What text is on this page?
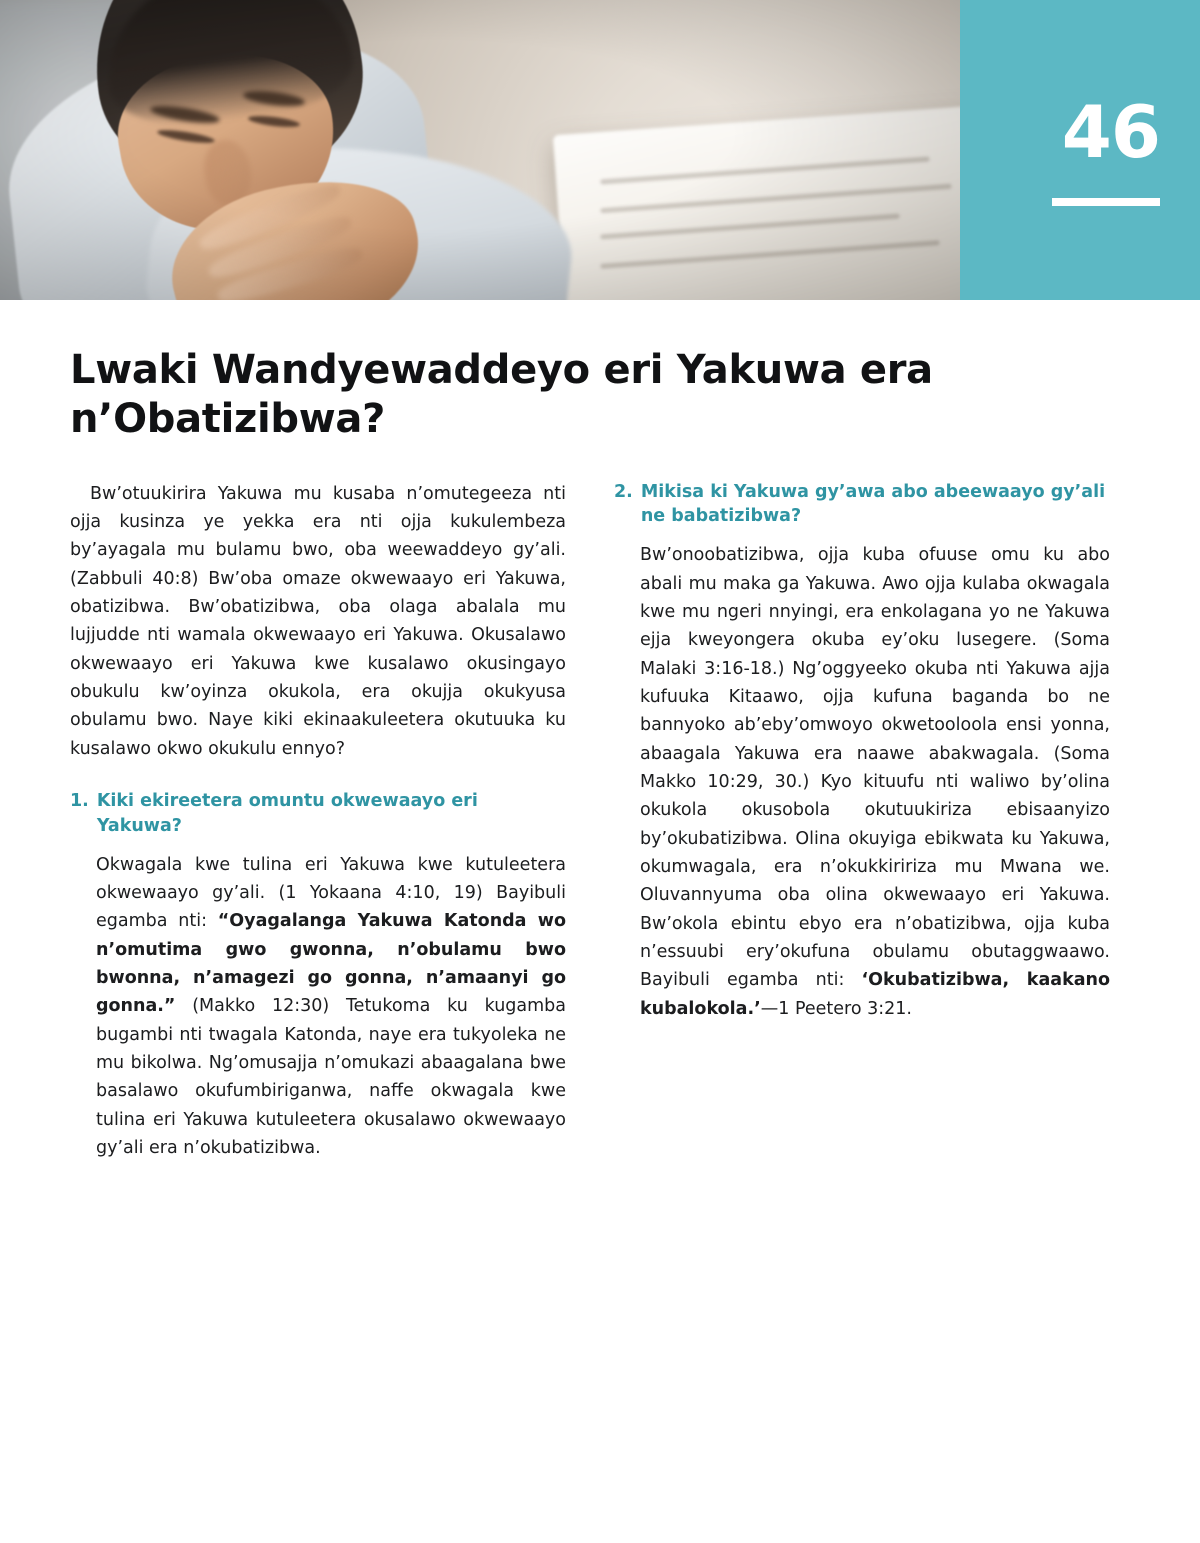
46
Lwaki Wandyewaddeyo eri Yakuwa era n’Obatizibwa?

Bw’otuukirira Yakuwa mu kusaba n’omutegeeza nti ojja kusinza ye yekka era nti ojja kukulembeza by’ayagala mu bulamu bwo, oba weewaddeyo gy’ali. (Zabbuli 40:8) Bw’oba omaze okwewaayo eri Yakuwa, obatizibwa. Bw’obatizibwa, oba olaga abalala mu lujjudde nti wamala okwewaayo eri Yakuwa. Okusalawo okwewaayo eri Yakuwa kwe kusalawo okusingayo obukulu kw’oyinza okukola, era okujja okukyusa obulamu bwo. Naye kiki ekinaakuleetera okutuuka ku kusalawo okwo okukulu ennyo?

1. Kiki ekireetera omuntu okwewaayo eri Yakuwa?

Okwagala kwe tulina eri Yakuwa kwe kutuleetera okwewaayo gy’ali. (1 Yokaana 4:10, 19) Bayibuli egamba nti: “Oyagalanga Yakuwa Katonda wo n’omutima gwo gwonna, n’obulamu bwo bwonna, n’amagezi go gonna, n’amaanyi go gonna.” (Makko 12:30) Tetukoma ku kugamba bugambi nti twagala Katonda, naye era tukyoleka ne mu bikolwa. Ng’omusajja n’omukazi abaagalana bwe basalawo okufumbiriganwa, naffe okwagala kwe tulina eri Yakuwa kutuleetera okusalawo okwewaayo gy’ali era n’okubatizibwa.

2. Mikisa ki Yakuwa gy’awa abo abeewaayo gy’ali ne babatizibwa?

Bw’onoobatizibwa, ojja kuba ofuuse omu ku abo abali mu maka ga Yakuwa. Awo ojja kulaba okwagala kwe mu ngeri nnyingi, era enkolagana yo ne Yakuwa ejja kweyongera okuba ey’oku lusegere. (Soma Malaki 3:16-18.) Ng’oggyeeko okuba nti Yakuwa ajja kufuuka Kitaawo, ojja kufuna baganda bo ne bannyoko ab’eby’omwoyo okwetooloola ensi yonna, abaagala Yakuwa era naawe abakwagala. (Soma Makko 10:29, 30.) Kyo kituufu nti waliwo by’olina okukola okusobola okutuukiriza ebisaanyizo by’okubatizibwa. Olina okuyiga ebikwata ku Yakuwa, okumwagala, era n’okukkiririza mu Mwana we. Oluvannyuma oba olina okwewaayo eri Yakuwa. Bw’okola ebintu ebyo era n’obatizibwa, ojja kuba n’essuubi ery’okufuna obulamu obutaggwaawo. Bayibuli egamba nti: ‘Okubatizibwa, kaakano kubalokola.’—1 Peetero 3:21.
